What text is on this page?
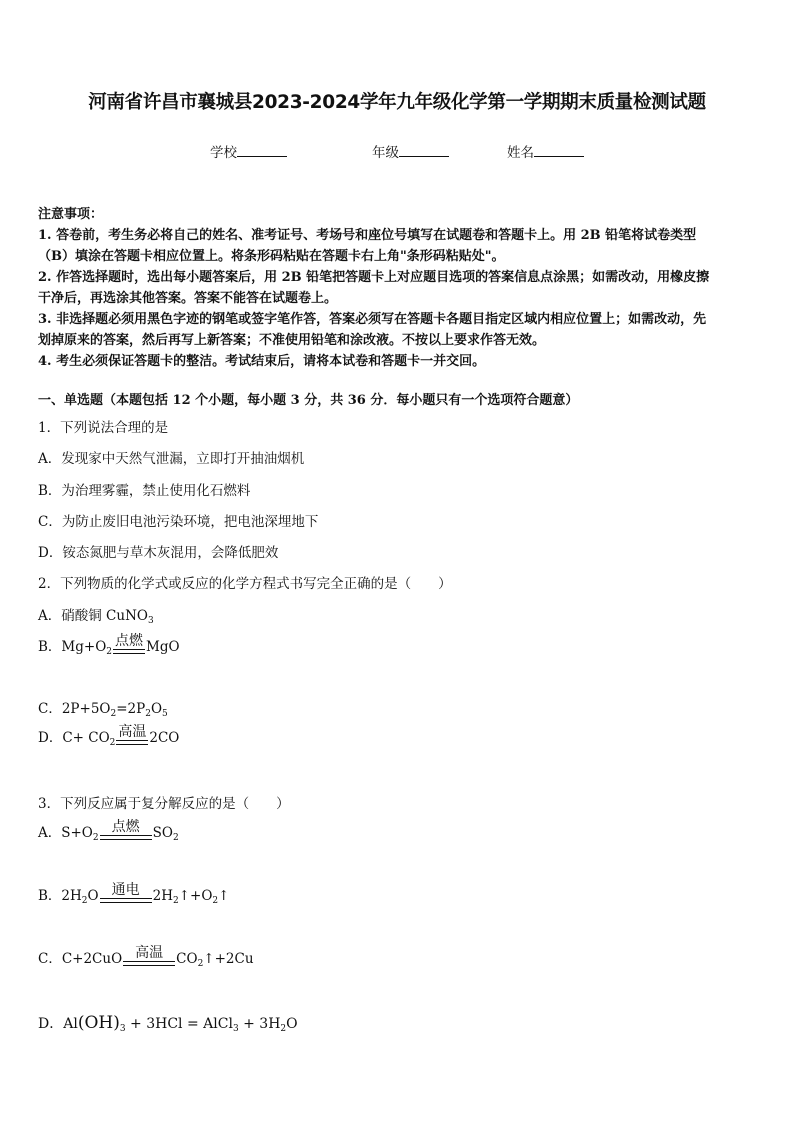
河南省许昌市襄城县2023-2024学年九年级化学第一学期期末质量检测试题
学校	年级	姓名
注意事项：
1. 答卷前，考生务必将自己的姓名、准考证号、考场号和座位号填写在试题卷和答题卡上。用 2B 铅笔将试卷类型
（B）填涂在答题卡相应位置上。将条形码粘贴在答题卡右上角"条形码粘贴处"。
2. 作答选择题时，选出每小题答案后，用 2B 铅笔把答题卡上对应题目选项的答案信息点涂黑；如需改动，用橡皮擦
干净后，再选涂其他答案。答案不能答在试题卷上。
3. 非选择题必须用黑色字迹的钢笔或签字笔作答，答案必须写在答题卡各题目指定区域内相应位置上；如需改动，先
划掉原来的答案，然后再写上新答案；不准使用铅笔和涂改液。不按以上要求作答无效。
4. 考生必须保证答题卡的整洁。考试结束后，请将本试卷和答题卡一并交回。
一、单选题（本题包括 12 个小题，每小题 3 分，共 36 分．每小题只有一个选项符合题意）
1．下列说法合理的是
A．发现家中天然气泄漏，立即打开抽油烟机
B．为治理雾霾，禁止使用化石燃料
C．为防止废旧电池污染环境，把电池深埋地下
D．铵态氮肥与草木灰混用，会降低肥效
2．下列物质的化学式或反应的化学方程式书写完全正确的是（　　）
A．硝酸铜 CuNO$_3$
B．$Mg+O_2$
点燃 MgO
C．$2P+5O_2=2P_2O_5$
D．$C+ CO_2$
高温 2CO
3．下列反应属于复分解反应的是（　　）
A．$S+O_2$
点燃 $SO_2$
B．$2H_2O$ 通电 $2H_2↑+O_2↑$
C．C+2CuO 高温 $CO_2↑+2Cu$
D．$Al(OH)_3 + 3HCl$ = AlCl$_3$ + $3H_2O$
